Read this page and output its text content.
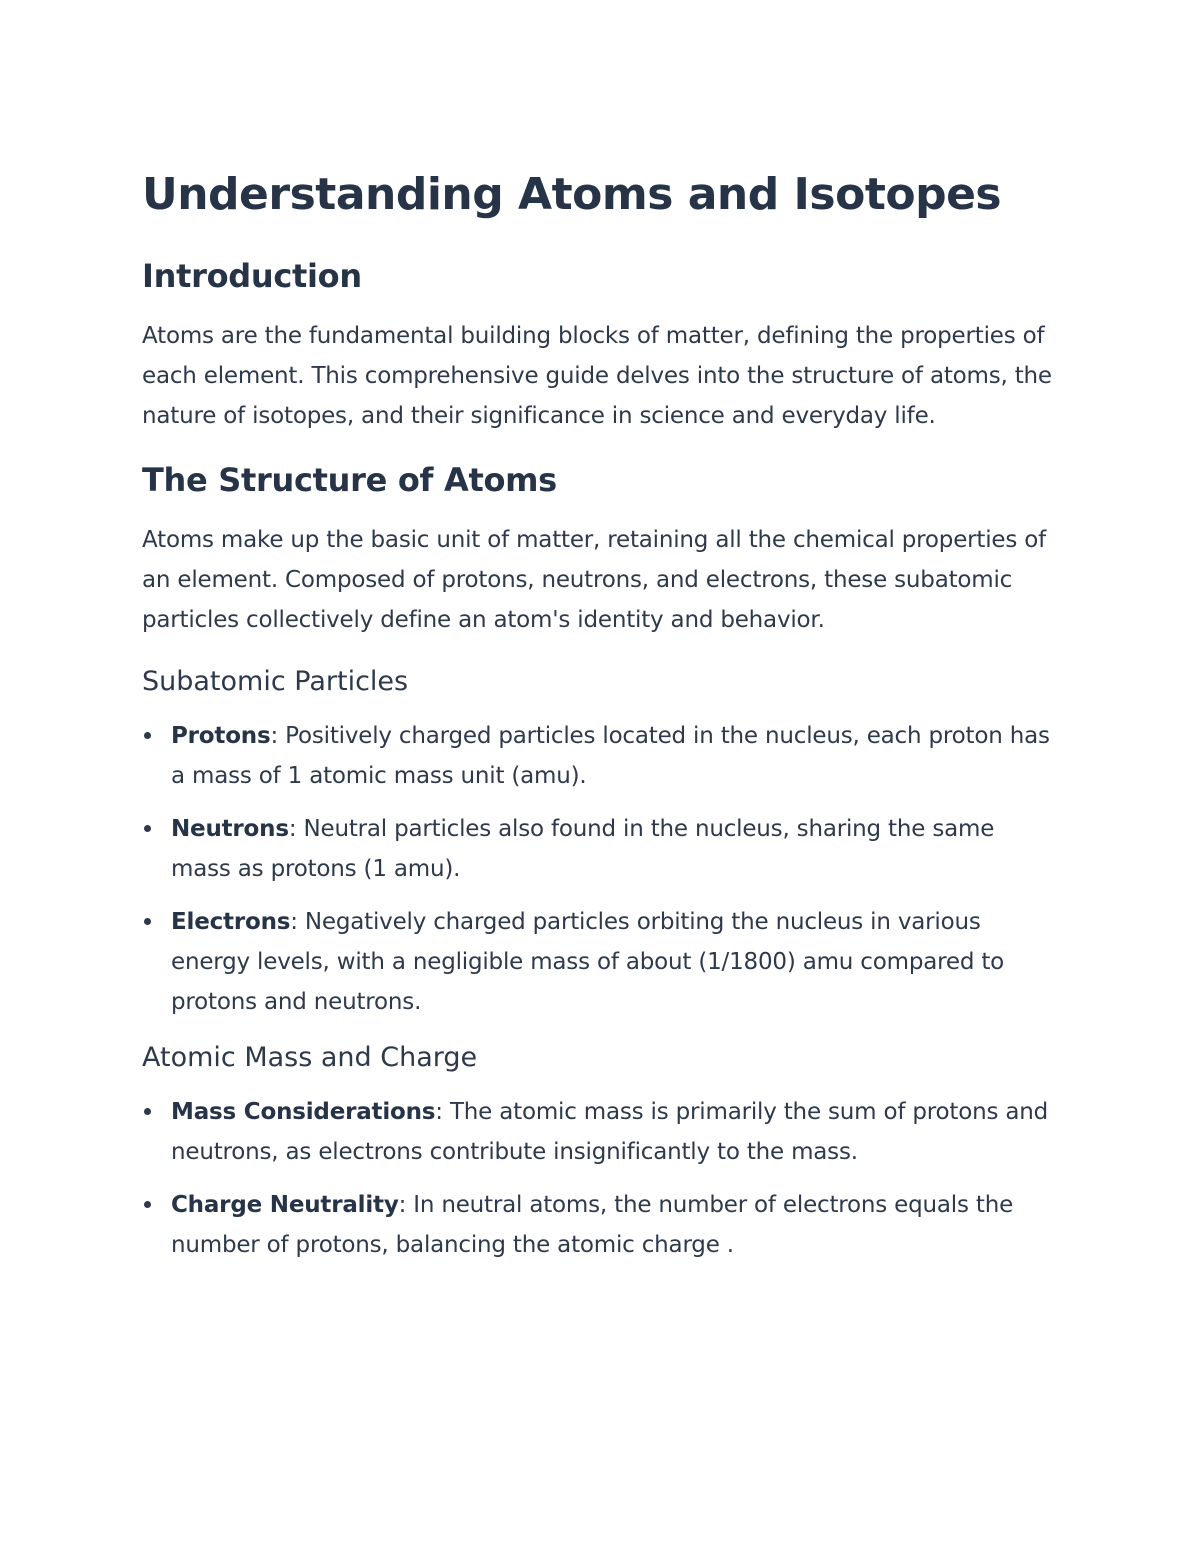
Understanding Atoms and Isotopes
Introduction

Atoms are the fundamental building blocks of matter, defining the properties of each element. This comprehensive guide delves into the structure of atoms, the nature of isotopes, and their significance in science and everyday life.

The Structure of Atoms

Atoms make up the basic unit of matter, retaining all the chemical properties of an element. Composed of protons, neutrons, and electrons, these subatomic particles collectively define an atom's identity and behavior.

Subatomic Particles
Protons: Positively charged particles located in the nucleus, each proton has a mass of 1 atomic mass unit (amu).
Neutrons: Neutral particles also found in the nucleus, sharing the same mass as protons (1 amu).
Electrons: Negatively charged particles orbiting the nucleus in various energy levels, with a negligible mass of about (1/1800) amu compared to protons and neutrons.
Atomic Mass and Charge
Mass Considerations: The atomic mass is primarily the sum of protons and neutrons, as electrons contribute insignificantly to the mass.
Charge Neutrality: In neutral atoms, the number of electrons equals the number of protons, balancing the atomic charge .
